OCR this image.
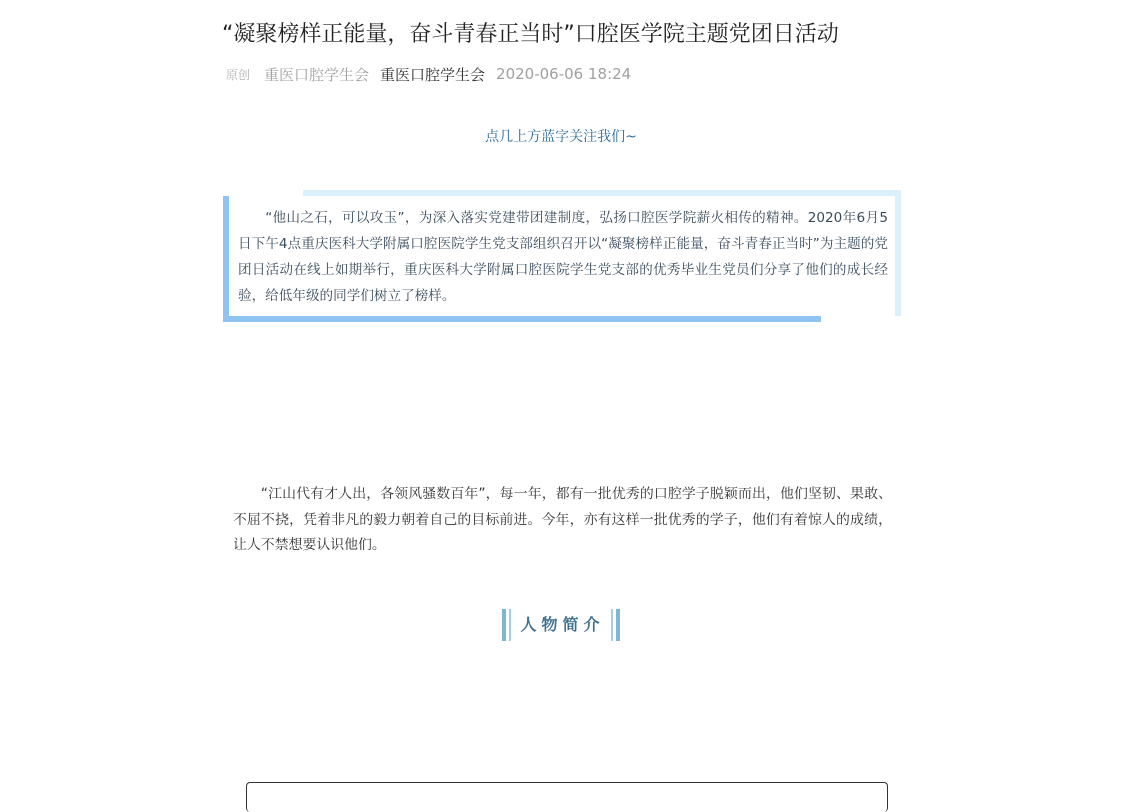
“凝聚榜样正能量，奋斗青春正当时”口腔医学院主题党团日活动
原创 重医口腔学生会 重医口腔学生会 2020-06-06 18:24
点几上方蓝字关注我们~

“他山之石，可以攻玉”，为深入落实党建带团建制度，弘扬口腔医学院薪火相传的精神。2020年6月5日下午4点重庆医科大学附属口腔医院学生党支部组织召开以“凝聚榜样正能量，奋斗青春正当时”为主题的党团日活动在线上如期举行，重庆医科大学附属口腔医院学生党支部的优秀毕业生党员们分享了他们的成长经验，给低年级的同学们树立了榜样。

“江山代有才人出，各领风骚数百年”，每一年，都有一批优秀的口腔学子脱颖而出，他们坚韧、果敢、不屈不挠，凭着非凡的毅力朝着自己的目标前进。今年，亦有这样一批优秀的学子，他们有着惊人的成绩，让人不禁想要认识他们。

人物简介
